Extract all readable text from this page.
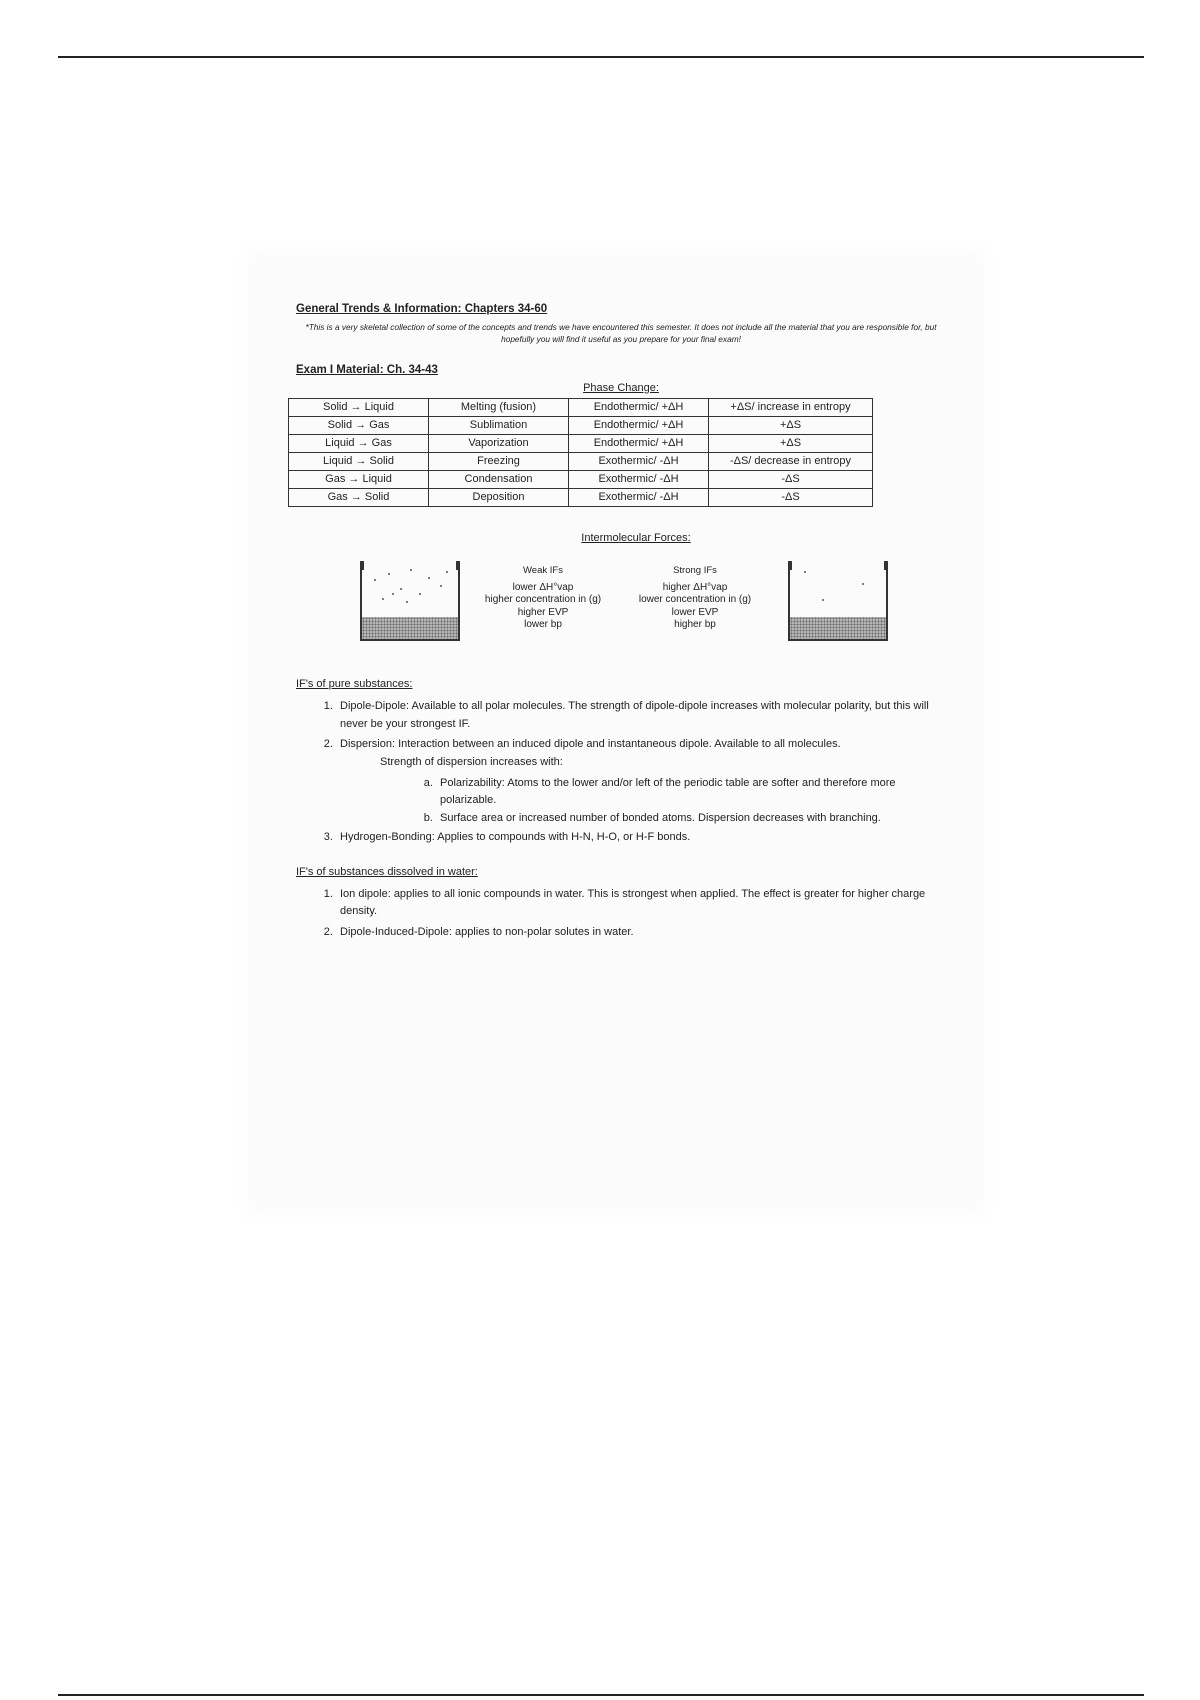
General Trends & Information: Chapters 34-60
*This is a very skeletal collection of some of the concepts and trends we have encountered this semester. It does not include all the material that you are responsible for, but hopefully you will find it useful as you prepare for your final exam!
Exam I Material: Ch. 34-43
Phase Change:
Solid → Liquid	Melting (fusion)	Endothermic/ +ΔH	+ΔS/ increase in entropy
Solid → Gas	Sublimation	Endothermic/ +ΔH	+ΔS
Liquid → Gas	Vaporization	Endothermic/ +ΔH	+ΔS
Liquid → Solid	Freezing	Exothermic/ -ΔH	-ΔS/ decrease in entropy
Gas → Liquid	Condensation	Exothermic/ -ΔH	-ΔS
Gas → Solid	Deposition	Exothermic/ -ΔH	-ΔS
Intermolecular Forces:
Weak IFs
lower ΔH°vap
higher concentration in (g)
higher EVP
lower bp
Strong IFs
higher ΔH°vap
lower concentration in (g)
lower EVP
higher bp
IF's of pure substances:
1. Dipole-Dipole: Available to all polar molecules. The strength of dipole-dipole increases with molecular polarity, but this will never be your strongest IF.
2. Dispersion: Interaction between an induced dipole and instantaneous dipole. Available to all molecules.
Strength of dispersion increases with:
a. Polarizability: Atoms to the lower and/or left of the periodic table are softer and therefore more polarizable.
b. Surface area or increased number of bonded atoms. Dispersion decreases with branching.
3. Hydrogen-Bonding: Applies to compounds with H-N, H-O, or H-F bonds.
IF's of substances dissolved in water:
1. Ion dipole: applies to all ionic compounds in water. This is strongest when applied. The effect is greater for higher charge density.
2. Dipole-Induced-Dipole: applies to non-polar solutes in water.
